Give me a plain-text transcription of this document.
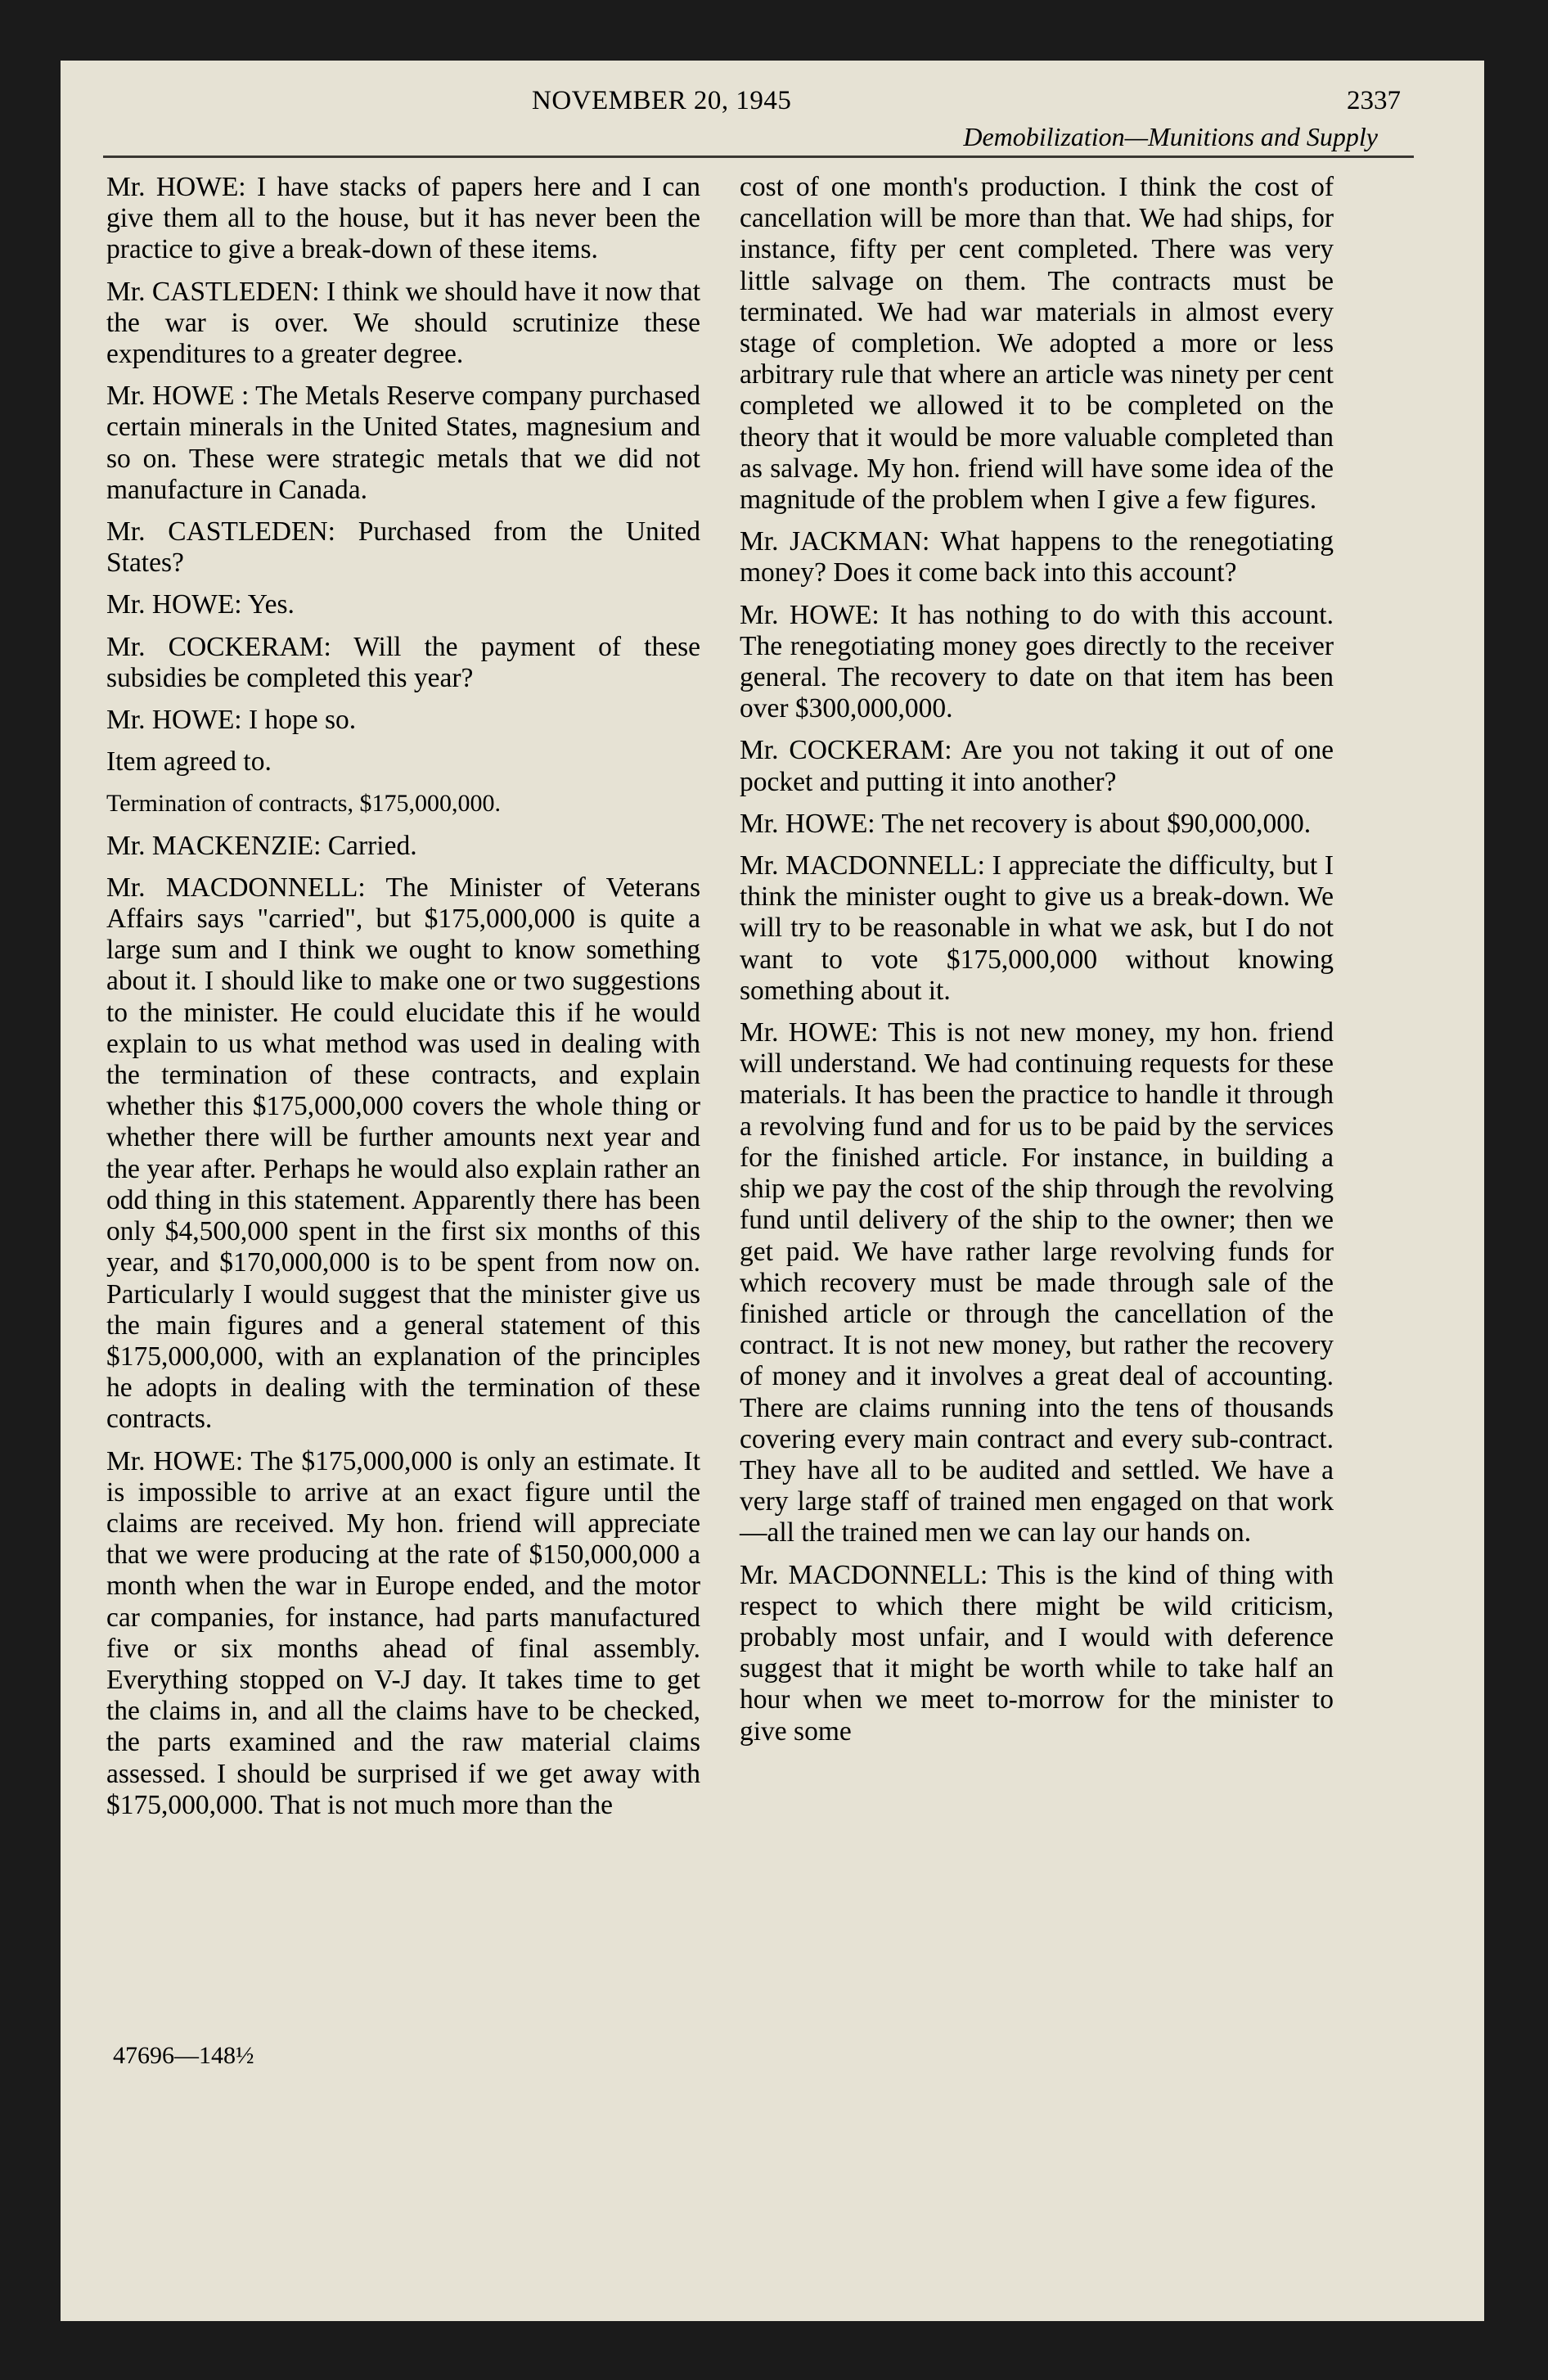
NOVEMBER 20, 1945	2337
Demobilization—Munitions and Supply

Mr. HOWE: I have stacks of papers here and I can give them all to the house, but it has never been the practice to give a break-down of these items.

Mr. CASTLEDEN: I think we should have it now that the war is over. We should scrutinize these expenditures to a greater degree.

Mr. HOWE : The Metals Reserve company purchased certain minerals in the United States, magnesium and so on. These were strategic metals that we did not manufacture in Canada.

Mr. CASTLEDEN: Purchased from the United States?

Mr. HOWE: Yes.

Mr. COCKERAM: Will the payment of these subsidies be completed this year?

Mr. HOWE: I hope so.

Item agreed to.

Termination of contracts, $175,000,000.

Mr. MACKENZIE: Carried.

Mr. MACDONNELL: The Minister of Veterans Affairs says "carried", but $175,000,000 is quite a large sum and I think we ought to know something about it. I should like to make one or two suggestions to the minister. He could elucidate this if he would explain to us what method was used in dealing with the termination of these contracts, and explain whether this $175,000,000 covers the whole thing or whether there will be further amounts next year and the year after. Perhaps he would also explain rather an odd thing in this statement. Apparently there has been only $4,500,000 spent in the first six months of this year, and $170,000,000 is to be spent from now on. Particularly I would suggest that the minister give us the main figures and a general statement of this $175,000,000, with an explanation of the principles he adopts in dealing with the termination of these contracts.

Mr. HOWE: The $175,000,000 is only an estimate. It is impossible to arrive at an exact figure until the claims are received. My hon. friend will appreciate that we were producing at the rate of $150,000,000 a month when the war in Europe ended, and the motor car companies, for instance, had parts manufactured five or six months ahead of final assembly. Everything stopped on V-J day. It takes time to get the claims in, and all the claims have to be checked, the parts examined and the raw material claims assessed. I should be surprised if we get away with $175,000,000. That is not much more than the

cost of one month's production. I think the cost of cancellation will be more than that. We had ships, for instance, fifty per cent completed. There was very little salvage on them. The contracts must be terminated. We had war materials in almost every stage of completion. We adopted a more or less arbitrary rule that where an article was ninety per cent completed we allowed it to be completed on the theory that it would be more valuable completed than as salvage. My hon. friend will have some idea of the magnitude of the problem when I give a few figures.

Mr. JACKMAN: What happens to the renegotiating money? Does it come back into this account?

Mr. HOWE: It has nothing to do with this account. The renegotiating money goes directly to the receiver general. The recovery to date on that item has been over $300,000,000.

Mr. COCKERAM: Are you not taking it out of one pocket and putting it into another?

Mr. HOWE: The net recovery is about $90,000,000.

Mr. MACDONNELL: I appreciate the difficulty, but I think the minister ought to give us a break-down. We will try to be reasonable in what we ask, but I do not want to vote $175,000,000 without knowing something about it.

Mr. HOWE: This is not new money, my hon. friend will understand. We had continuing requests for these materials. It has been the practice to handle it through a revolving fund and for us to be paid by the services for the finished article. For instance, in building a ship we pay the cost of the ship through the revolving fund until delivery of the ship to the owner; then we get paid. We have rather large revolving funds for which recovery must be made through sale of the finished article or through the cancellation of the contract. It is not new money, but rather the recovery of money and it involves a great deal of accounting. There are claims running into the tens of thousands covering every main contract and every sub-contract. They have all to be audited and settled. We have a very large staff of trained men engaged on that work—all the trained men we can lay our hands on.

Mr. MACDONNELL: This is the kind of thing with respect to which there might be wild criticism, probably most unfair, and I would with deference suggest that it might be worth while to take half an hour when we meet to-morrow for the minister to give some

47696—148½
